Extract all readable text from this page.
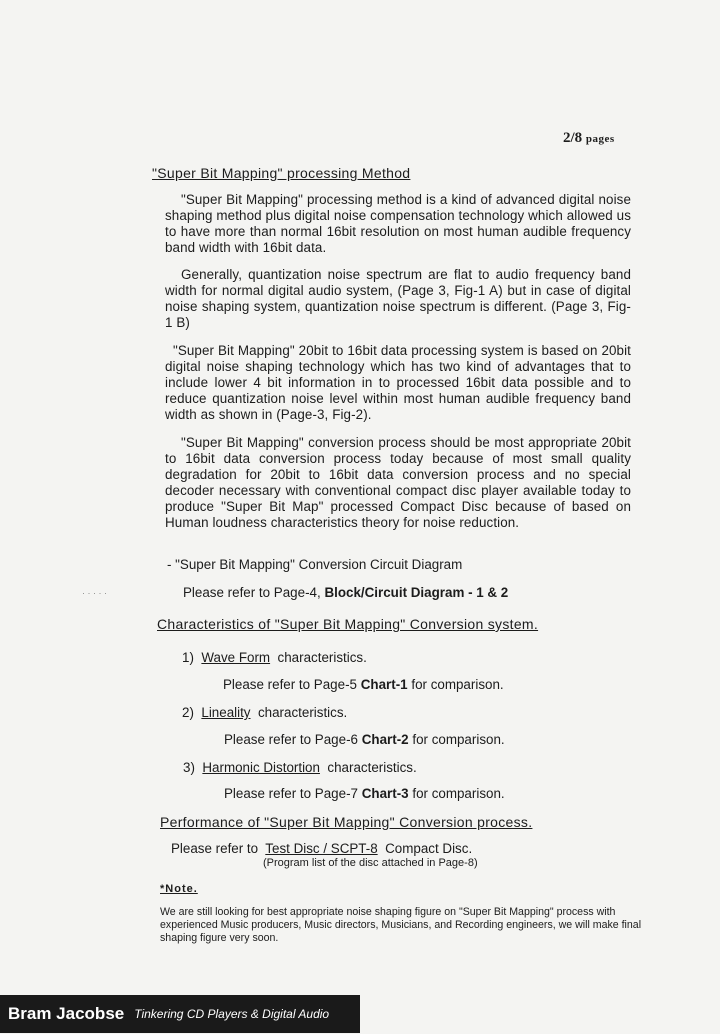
2/8 pages
"Super Bit Mapping" processing Method
"Super Bit Mapping" processing method is a kind of advanced digital noise shaping method plus digital noise compensation technology which allowed us to have more than normal 16bit resolution on most human audible frequency band width with 16bit data.
Generally, quantization noise spectrum are flat to audio frequency band width for normal digital audio system, (Page 3, Fig-1 A) but in case of digital noise shaping system, quantization noise spectrum is different. (Page 3, Fig-1 B)
"Super Bit Mapping" 20bit to 16bit data processing system is based on 20bit digital noise shaping technology which has two kind of advantages that to include lower 4 bit information in to processed 16bit data possible and to reduce quantization noise level within most human audible frequency band width as shown in (Page-3, Fig-2).
"Super Bit Mapping" conversion process should be most appropriate 20bit to 16bit data conversion process today because of most small quality degradation for 20bit to 16bit data conversion process and no special decoder necessary with conventional compact disc player available today to produce "Super Bit Map" processed Compact Disc because of based on Human loudness characteristics theory for noise reduction.
- "Super Bit Mapping" Conversion Circuit Diagram
· · · · ·	Please refer to Page-4, Block/Circuit Diagram - 1 & 2
Characteristics of "Super Bit Mapping" Conversion system.
1) Wave Form characteristics.
Please refer to Page-5 Chart-1 for comparison.
2) Lineality characteristics.
Please refer to Page-6 Chart-2 for comparison.
3) Harmonic Distortion characteristics.
Please refer to Page-7 Chart-3 for comparison.
Performance of "Super Bit Mapping" Conversion process.
Please refer to Test Disc / SCPT-8 Compact Disc.
(Program list of the disc attached in Page-8)
*Note.
We are still looking for best appropriate noise shaping figure on "Super Bit Mapping" process with experienced Music producers, Music directors, Musicians, and Recording engineers, we will make final shaping figure very soon.
Bram Jacobse Tinkering CD Players & Digital Audio
